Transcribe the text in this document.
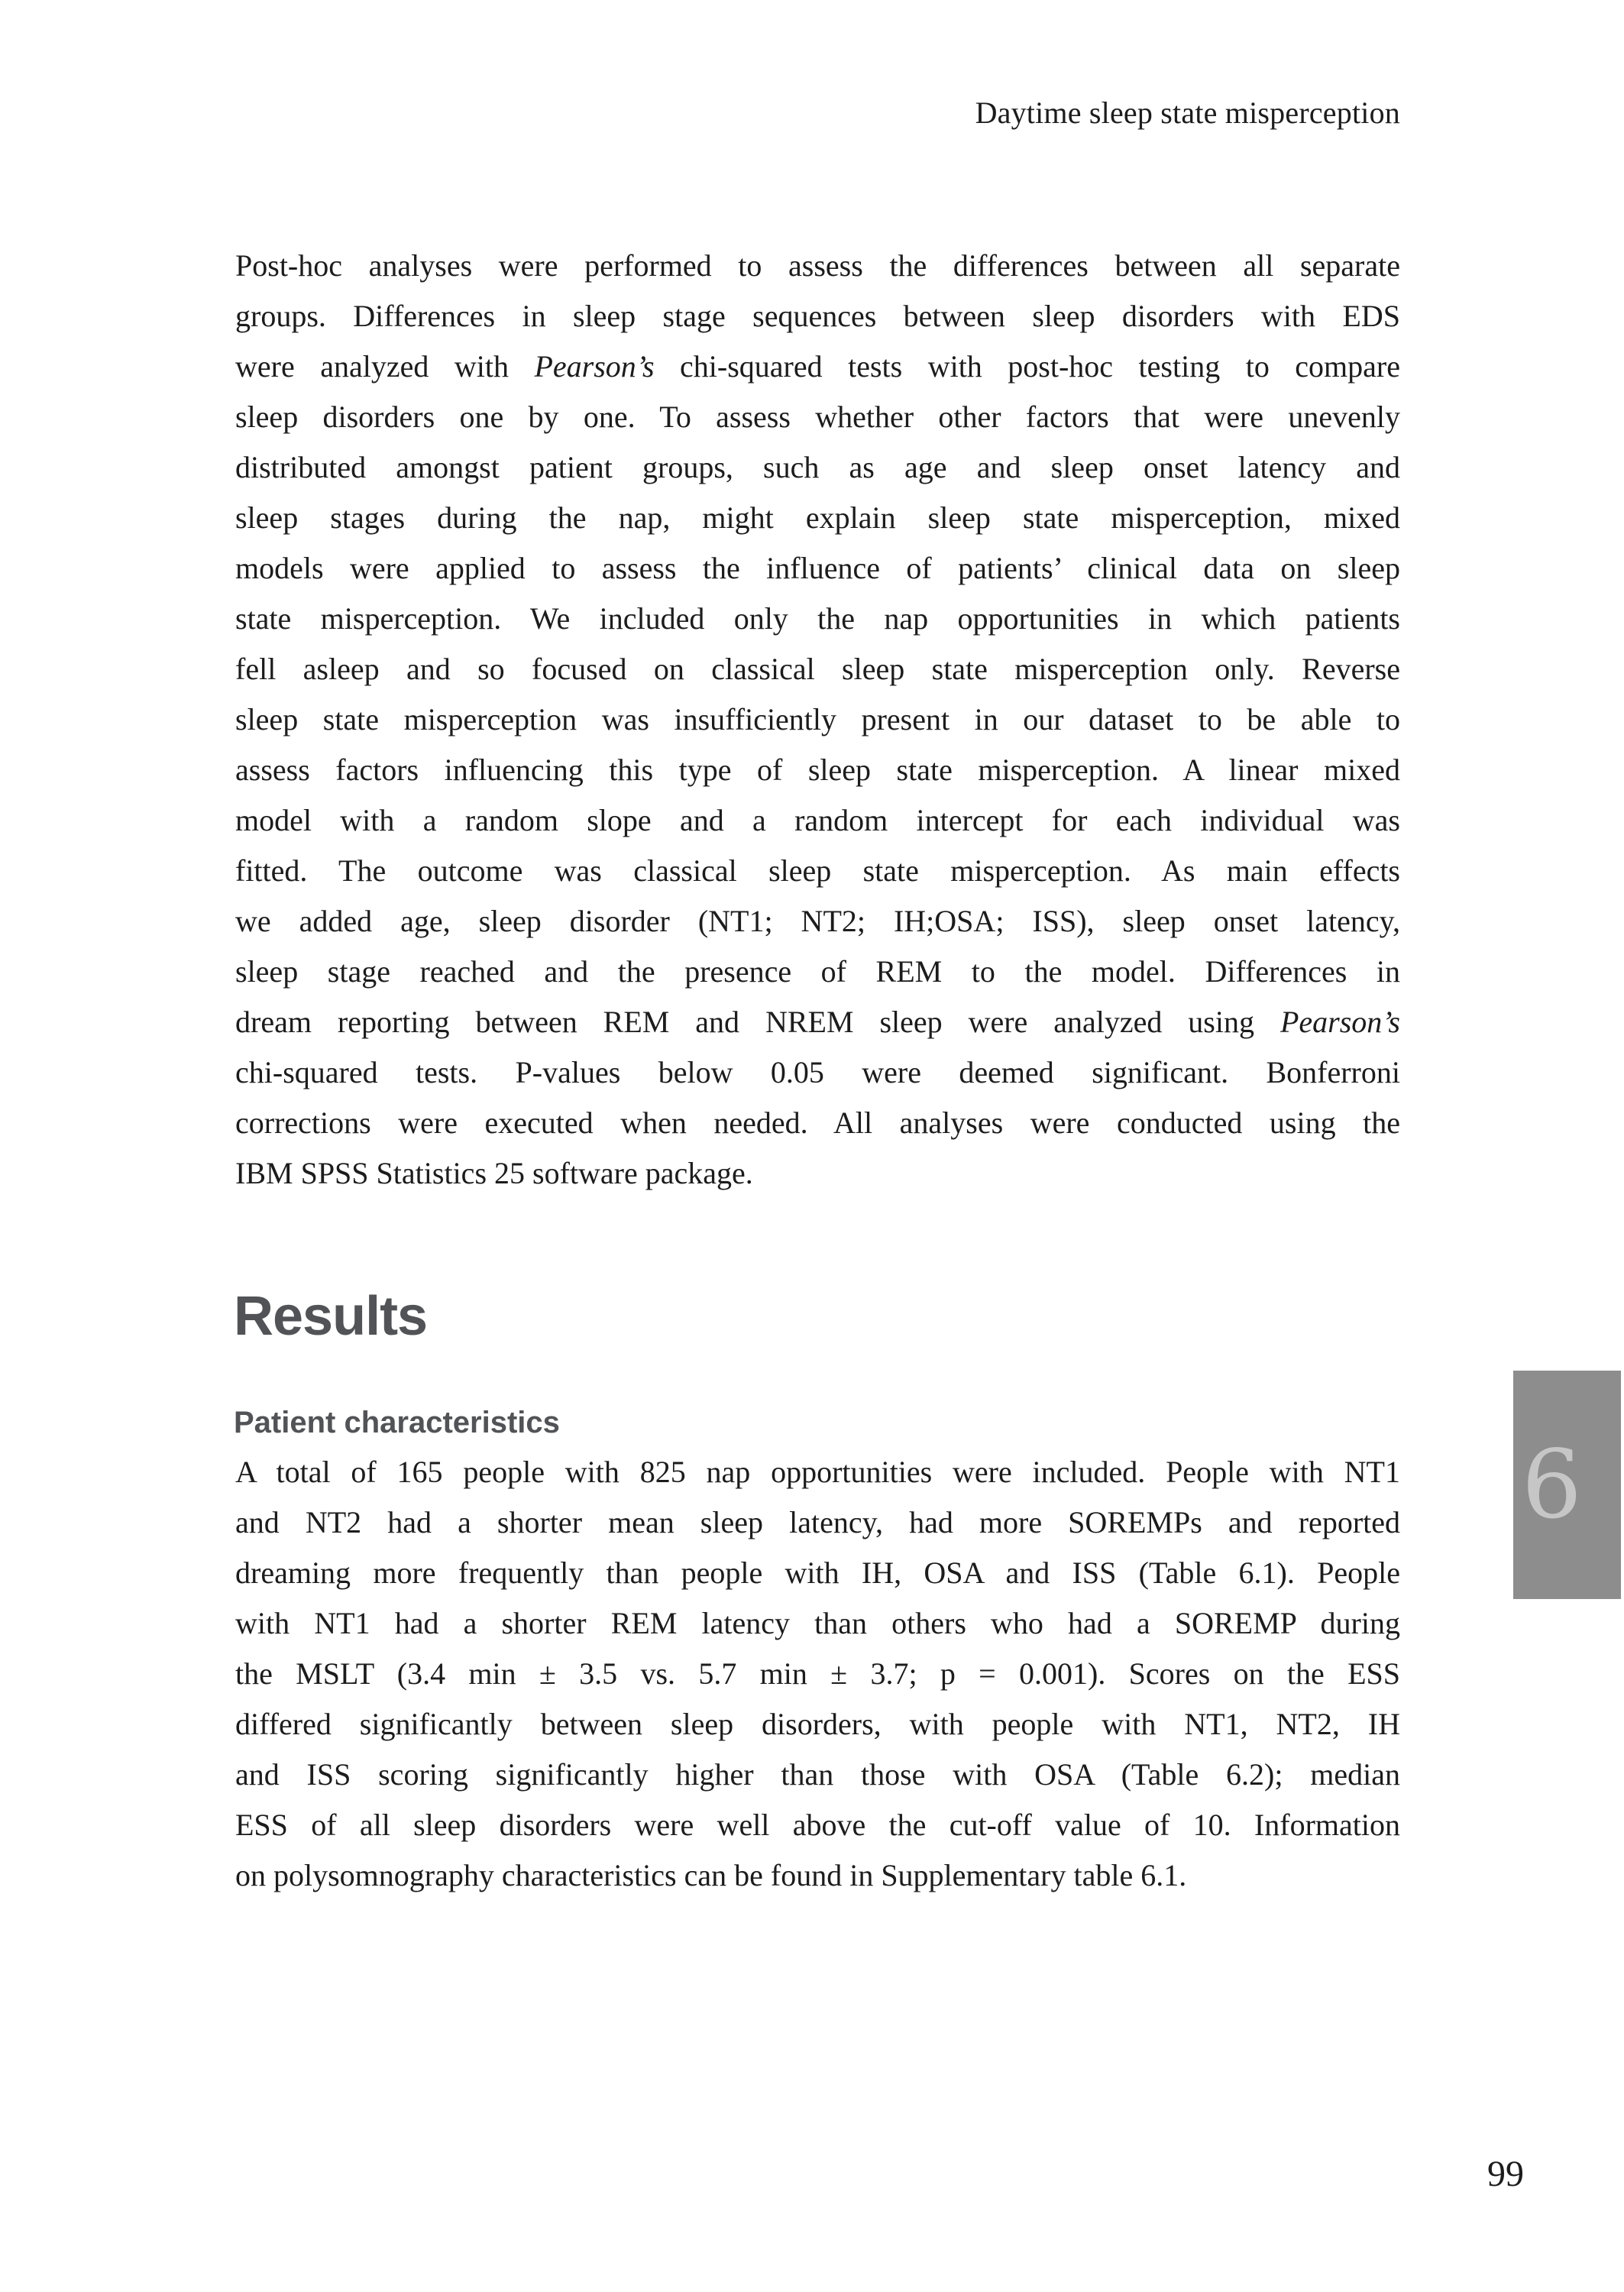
Daytime sleep state misperception
Post-hoc analyses were performed to assess the differences between all separate
groups. Differences in sleep stage sequences between sleep disorders with EDS
were analyzed with Pearson’s chi-squared tests with post-hoc testing to compare
sleep disorders one by one. To assess whether other factors that were unevenly
distributed amongst patient groups, such as age and sleep onset latency and
sleep stages during the nap, might explain sleep state misperception, mixed
models were applied to assess the influence of patients’ clinical data on sleep
state misperception. We included only the nap opportunities in which patients
fell asleep and so focused on classical sleep state misperception only. Reverse
sleep state misperception was insufficiently present in our dataset to be able to
assess factors influencing this type of sleep state misperception. A linear mixed
model with a random slope and a random intercept for each individual was
fitted. The outcome was classical sleep state misperception. As main effects
we added age, sleep disorder (NT1; NT2; IH;OSA; ISS), sleep onset latency,
sleep stage reached and the presence of REM to the model. Differences in
dream reporting between REM and NREM sleep were analyzed using Pearson’s
chi-squared tests. P-values below 0.05 were deemed significant. Bonferroni
corrections were executed when needed. All analyses were conducted using the
IBM SPSS Statistics 25 software package.
Results
Patient characteristics
A total of 165 people with 825 nap opportunities were included. People with NT1
and NT2 had a shorter mean sleep latency, had more SOREMPs and reported
dreaming more frequently than people with IH, OSA and ISS (Table 6.1). People
with NT1 had a shorter REM latency than others who had a SOREMP during
the MSLT (3.4 min ± 3.5 vs. 5.7 min ± 3.7; p = 0.001). Scores on the ESS
differed significantly between sleep disorders, with people with NT1, NT2, IH
and ISS scoring significantly higher than those with OSA (Table 6.2); median
ESS of all sleep disorders were well above the cut-off value of 10. Information
on polysomnography characteristics can be found in Supplementary table 6.1.
6
99
